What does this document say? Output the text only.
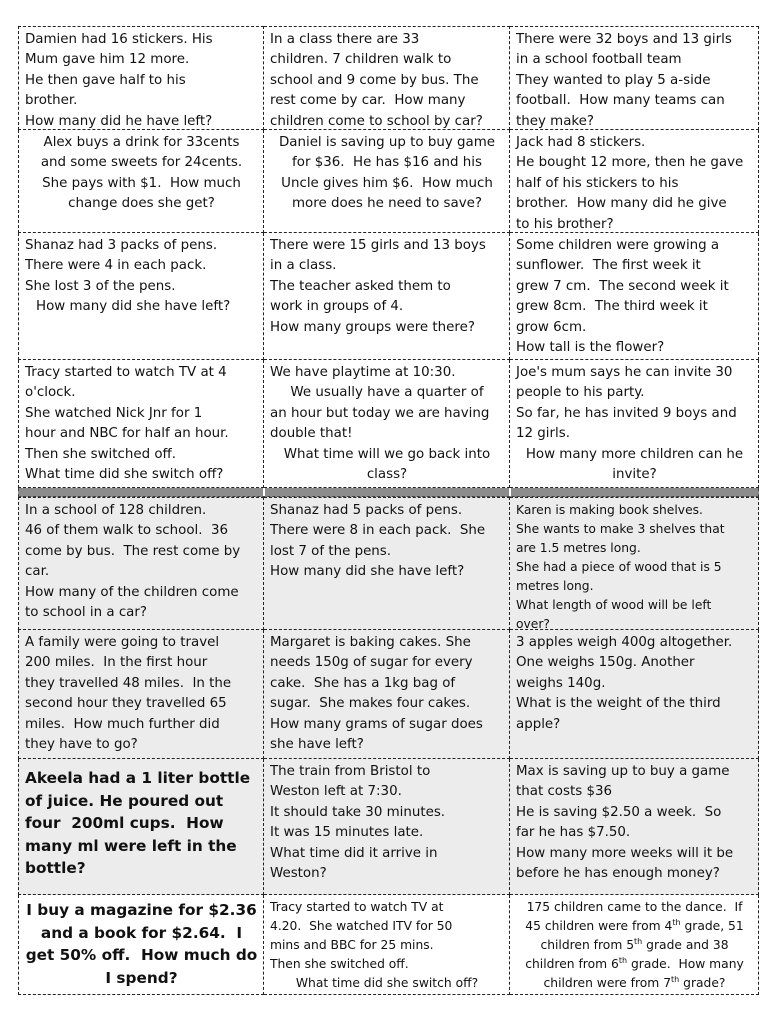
Damien had 16 stickers. His
Mum gave him 12 more.
He then gave half to his
brother.
How many did he have left?
In a class there are 33
children. 7 children walk to
school and 9 come by bus. The
rest come by car.  How many
children come to school by car?
There were 32 boys and 13 girls
in a school football team
They wanted to play 5 a-side
football.  How many teams can
they make?
Alex buys a drink for 33cents
and some sweets for 24cents.
She pays with $1.  How much
change does she get?
Daniel is saving up to buy game
for $36.  He has $16 and his
Uncle gives him $6.  How much
more does he need to save?
Jack had 8 stickers.
He bought 12 more, then he gave
half of his stickers to his
brother.  How many did he give
to his brother?
Shanaz had 3 packs of pens.
There were 4 in each pack.
She lost 3 of the pens.
How many did she have left?
There were 15 girls and 13 boys
in a class.
The teacher asked them to
work in groups of 4.
How many groups were there?
Some children were growing a
sunflower.  The first week it
grew 7 cm.  The second week it
grew 8cm.  The third week it
grow 6cm.
How tall is the flower?
Tracy started to watch TV at 4
o'clock.
She watched Nick Jnr for 1
hour and NBC for half an hour.
Then she switched off.
What time did she switch off?
We have playtime at 10:30.
We usually have a quarter of
an hour but today we are having
double that!
What time will we go back into
class?
Joe's mum says he can invite 30
people to his party.
So far, he has invited 9 boys and
12 girls.
How many more children can he
invite?
In a school of 128 children.
46 of them walk to school.  36
come by bus.  The rest come by
car.
How many of the children come
to school in a car?
Shanaz had 5 packs of pens.
There were 8 in each pack.  She
lost 7 of the pens.
How many did she have left?
Karen is making book shelves.
She wants to make 3 shelves that
are 1.5 metres long.
She had a piece of wood that is 5
metres long.
What length of wood will be left
over?
A family were going to travel
200 miles.  In the first hour
they travelled 48 miles.  In the
second hour they travelled 65
miles.  How much further did
they have to go?
Margaret is baking cakes. She
needs 150g of sugar for every
cake.  She has a 1kg bag of
sugar.  She makes four cakes.
How many grams of sugar does
she have left?
3 apples weigh 400g altogether.
One weighs 150g. Another
weighs 140g.
What is the weight of the third
apple?
Akeela had a 1 liter bottle
of juice. He poured out
four  200ml cups.  How
many ml were left in the
bottle?
The train from Bristol to
Weston left at 7:30.
It should take 30 minutes.
It was 15 minutes late.
What time did it arrive in
Weston?
Max is saving up to buy a game
that costs $36
He is saving $2.50 a week.  So
far he has $7.50.
How many more weeks will it be
before he has enough money?
I buy a magazine for $2.36
and a book for $2.64.  I
get 50% off.  How much do
I spend?
Tracy started to watch TV at
4.20.  She watched ITV for 50
mins and BBC for 25 mins.
Then she switched off.
What time did she switch off?
175 children came to the dance.  If
45 children were from 4th grade, 51
children from 5th grade and 38
children from 6th grade.  How many
children were from 7th grade?
